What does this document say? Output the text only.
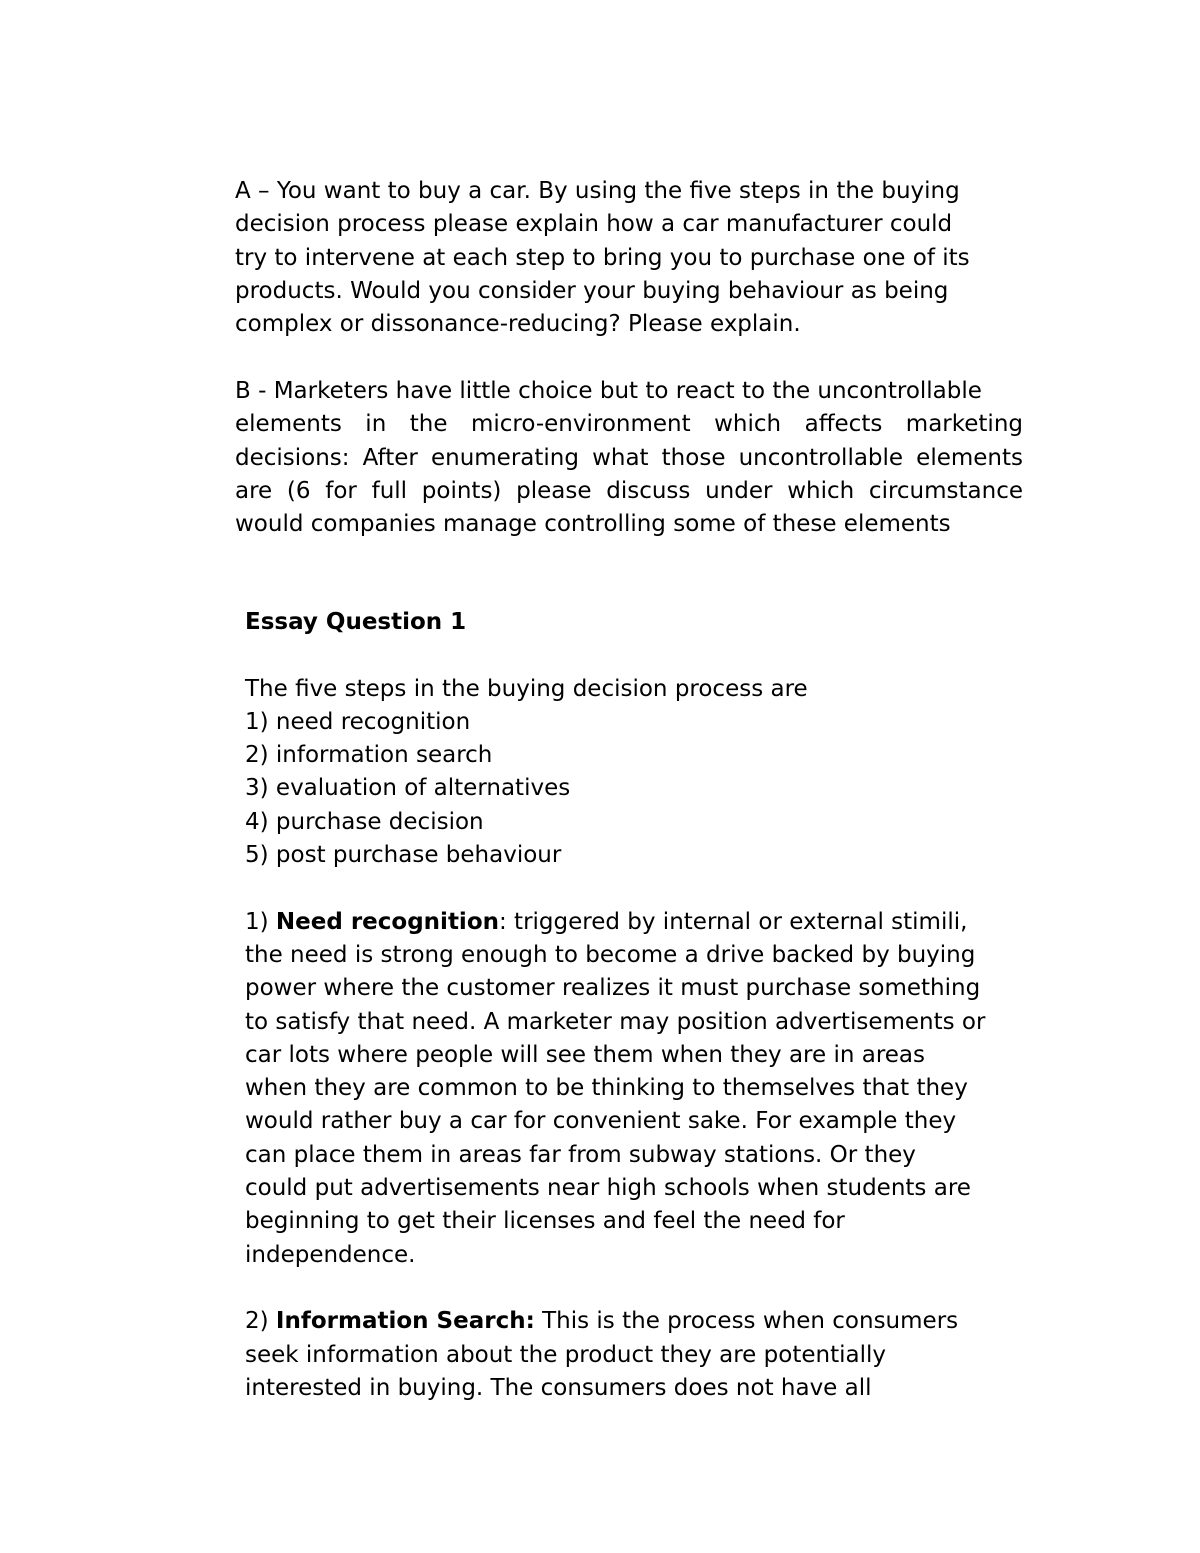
A – You want to buy a car. By using the five steps in the buying
decision process please explain how a car manufacturer could
try to intervene at each step to bring you to purchase one of its
products. Would you consider your buying behaviour as being
complex or dissonance-reducing? Please explain.
B - Marketers have little choice but to react to the uncontrollable
elements in the micro-environment which affects marketing
decisions: After enumerating what those uncontrollable elements
are (6 for full points) please discuss under which circumstance
would companies manage controlling some of these elements
Essay Question 1
The five steps in the buying decision process are
1) need recognition
2) information search
3) evaluation of alternatives
4) purchase decision
5) post purchase behaviour
1) Need recognition: triggered by internal or external stimili,
the need is strong enough to become a drive backed by buying
power where the customer realizes it must purchase something
to satisfy that need. A marketer may position advertisements or
car lots where people will see them when they are in areas
when they are common to be thinking to themselves that they
would rather buy a car for convenient sake. For example they
can place them in areas far from subway stations. Or they
could put advertisements near high schools when students are
beginning to get their licenses and feel the need for
independence.
2) Information Search: This is the process when consumers
seek information about the product they are potentially
interested in buying. The consumers does not have all
